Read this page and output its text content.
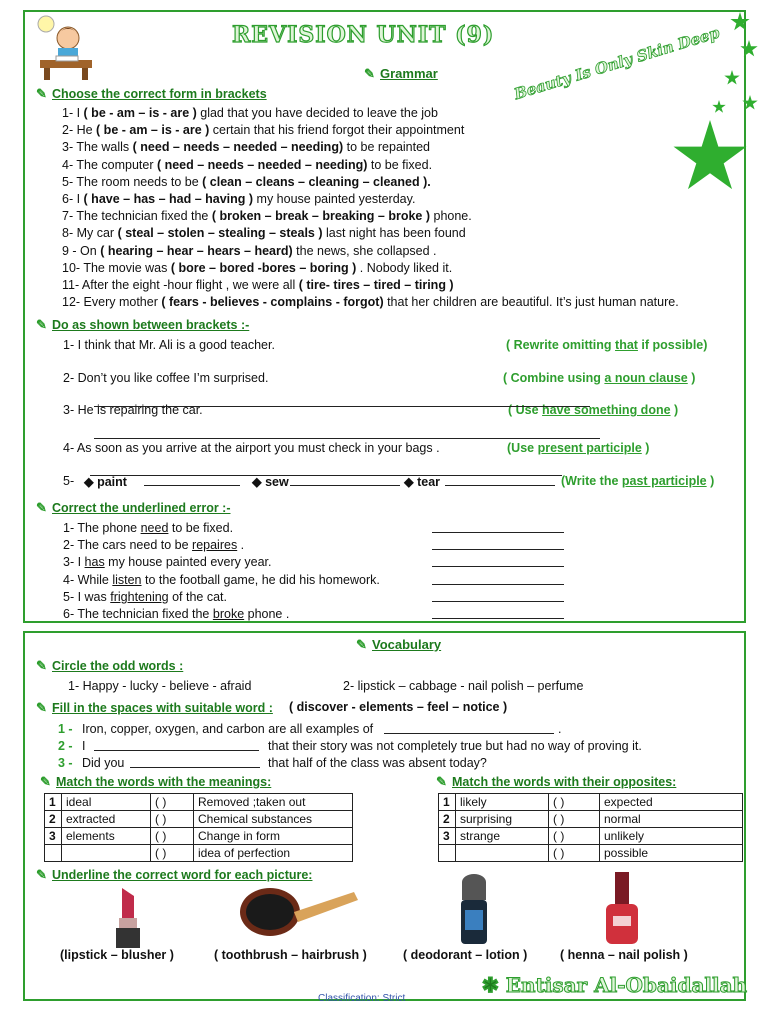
REVISION UNIT (9)
✎ Grammar	Beauty Is Only Skin Deep
✎ Choose the correct form in brackets
1- I ( be - am – is - are ) glad that you have decided to leave the job
2- He ( be - am – is - are ) certain that his friend forgot their appointment
3- The walls ( need – needs – needed – needing) to be repainted
4- The computer ( need – needs – needed – needing) to be fixed.
5- The room needs to be ( clean – cleans – cleaning – cleaned ).
6- I ( have – has – had – having ) my house painted yesterday.
7- The technician fixed the ( broken – break – breaking – broke ) phone.
8- My car ( steal – stolen – stealing – steals ) last night has been found
9 - On ( hearing – hear – hears – heard) the news, she collapsed .
10- The movie was ( bore – bored -bores – boring ) . Nobody liked it.
11- After the eight -hour flight , we were all ( tire- tires – tired – tiring )
12- Every mother ( fears - believes - complains - forgot) that her children are beautiful. It’s just human nature.
✎ Do as shown between brackets :-
1- I think that Mr. Ali is a good teacher.	( Rewrite omitting that if possible)
2- Don’t you like coffee I’m surprised.	( Combine using a noun clause )
3- He is repairing the car.	( Use have something done )
4- As soon as you arrive at the airport you must check in your bags .	(Use present participle )
5- ◆ paint	◆ sew	◆ tear	(Write the past participle )
✎ Correct the underlined error :-
1- The phone need to be fixed.
2- The cars need to be repaires .
3- I has my house painted every year.
4- While listen to the football game, he did his homework.
5- I was frightening of the cat.
6- The technician fixed the broke phone .
✎ Vocabulary
✎ Circle the odd words :
1- Happy - lucky - believe - afraid	2- lipstick – cabbage - nail polish – perfume
✎ Fill in the spaces with suitable word : ( discover - elements – feel – notice )
1 - Iron, copper, oxygen, and carbon are all examples of	.
2 - I	that their story was not completely true but had no way of proving it.
3 - Did you	that half of the class was absent today?
✎ Match the words with the meanings:	✎ Match the words with their opposites:
1	ideal	( )	Removed ;taken out
2	extracted	( )	Chemical substances
3	elements	( )	Change in form
		( )	idea of perfection
1	likely	( )	expected
2	surprising	( )	normal
3	strange	( )	unlikely
		( )	possible
✎ Underline the correct word for each picture:
(lipstick – blusher )	( toothbrush – hairbrush )	( deodorant – lotion )	( henna – nail polish )
✱ Entisar Al-Obaidallah
Classification: Strict
